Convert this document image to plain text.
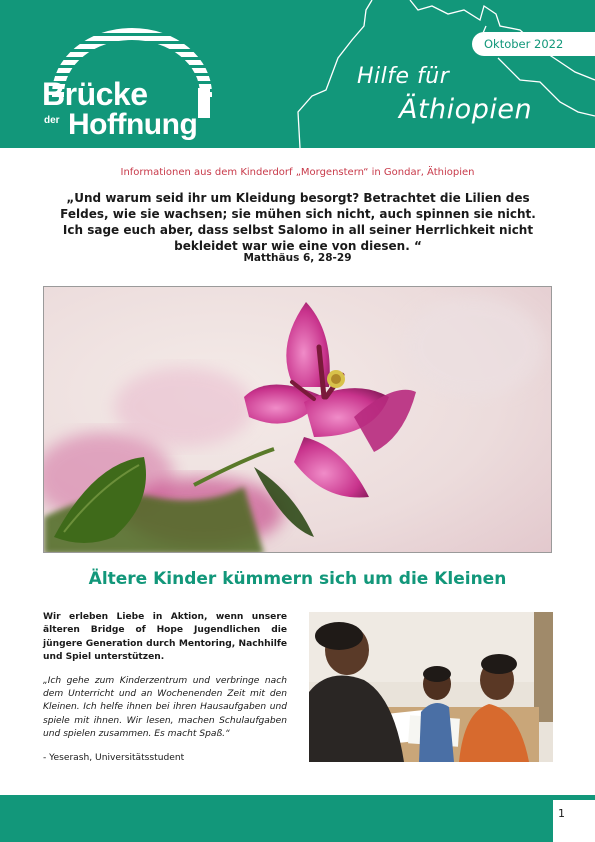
Brücke
der Hoffnung
Oktober 2022
Hilfe für
Äthiopien
Informationen aus dem Kinderdorf „Morgenstern“ in Gondar, Äthiopien
„Und warum seid ihr um Kleidung besorgt? Betrachtet die Lilien des Feldes, wie sie wachsen; sie mühen sich nicht, auch spinnen sie nicht. Ich sage euch aber, dass selbst Salomo in all seiner Herrlichkeit nicht bekleidet war wie eine von diesen. “
Matthäus 6, 28-29
Ältere Kinder kümmern sich um die Kleinen

Wir erleben Liebe in Aktion, wenn unsere älteren Bridge of Hope Jugendlichen die jüngere Generation durch Mentoring, Nachhilfe und Spiel unterstützen.

„Ich gehe zum Kinderzentrum und verbringe nach dem Unterricht und an Wochenenden Zeit mit den Kleinen. Ich helfe ihnen bei ihren Hausaufgaben und spiele mit ihnen. Wir lesen, machen Schulaufgaben und spielen zusammen. Es macht Spaß.“

- Yeserash, Universitätsstudent

1
